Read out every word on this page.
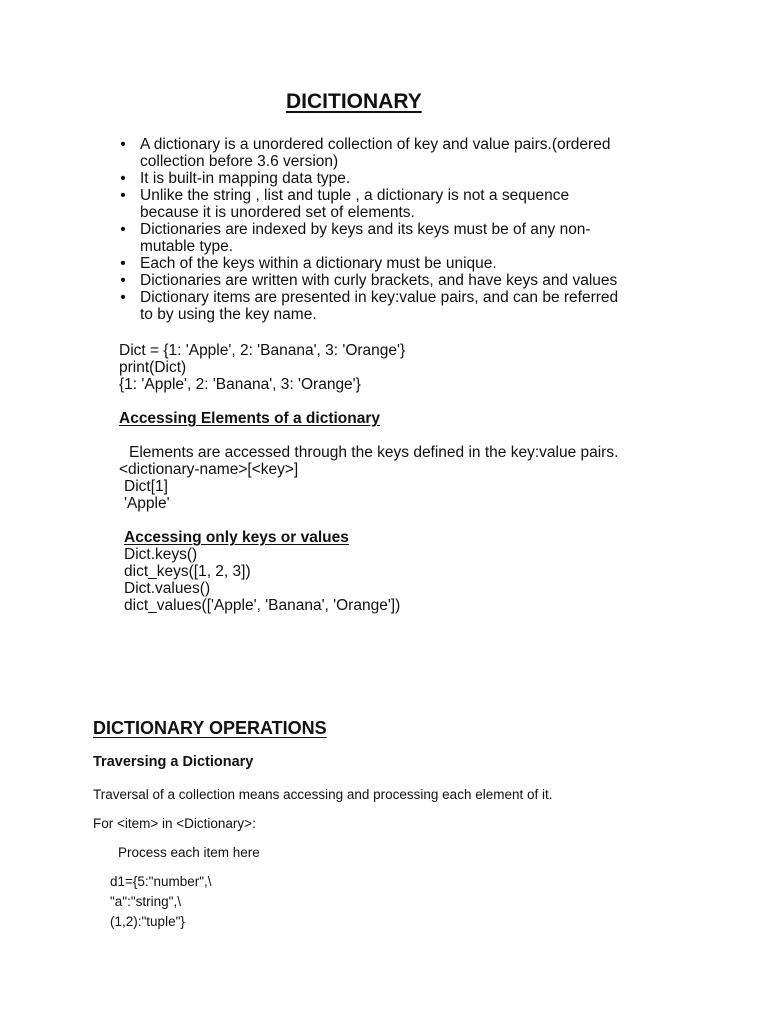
DICITIONARY
• A dictionary is a unordered collection of key and value pairs.(ordered
collection before 3.6 version)
• It is built-in mapping data type.
• Unlike the string , list and tuple , a dictionary is not a sequence
because it is unordered set of elements.
• Dictionaries are indexed by keys and its keys must be of any non-
mutable type.
• Each of the keys within a dictionary must be unique.
• Dictionaries are written with curly brackets, and have keys and values
• Dictionary items are presented in key:value pairs, and can be referred
to by using the key name.
Dict = {1: 'Apple', 2: 'Banana', 3: 'Orange'}
print(Dict)
{1: 'Apple', 2: 'Banana', 3: 'Orange'}
Accessing Elements of a dictionary
Elements are accessed through the keys defined in the key:value pairs.
<dictionary-name>[<key>]
Dict[1]
'Apple'
Accessing only keys or values
Dict.keys()
dict_keys([1, 2, 3])
Dict.values()
dict_values(['Apple', 'Banana', 'Orange'])
DICTIONARY OPERATIONS
Traversing a Dictionary
Traversal of a collection means accessing and processing each element of it.
For <item> in <Dictionary>:
Process each item here
d1={5:"number",\
"a":"string",\
(1,2):"tuple"}
